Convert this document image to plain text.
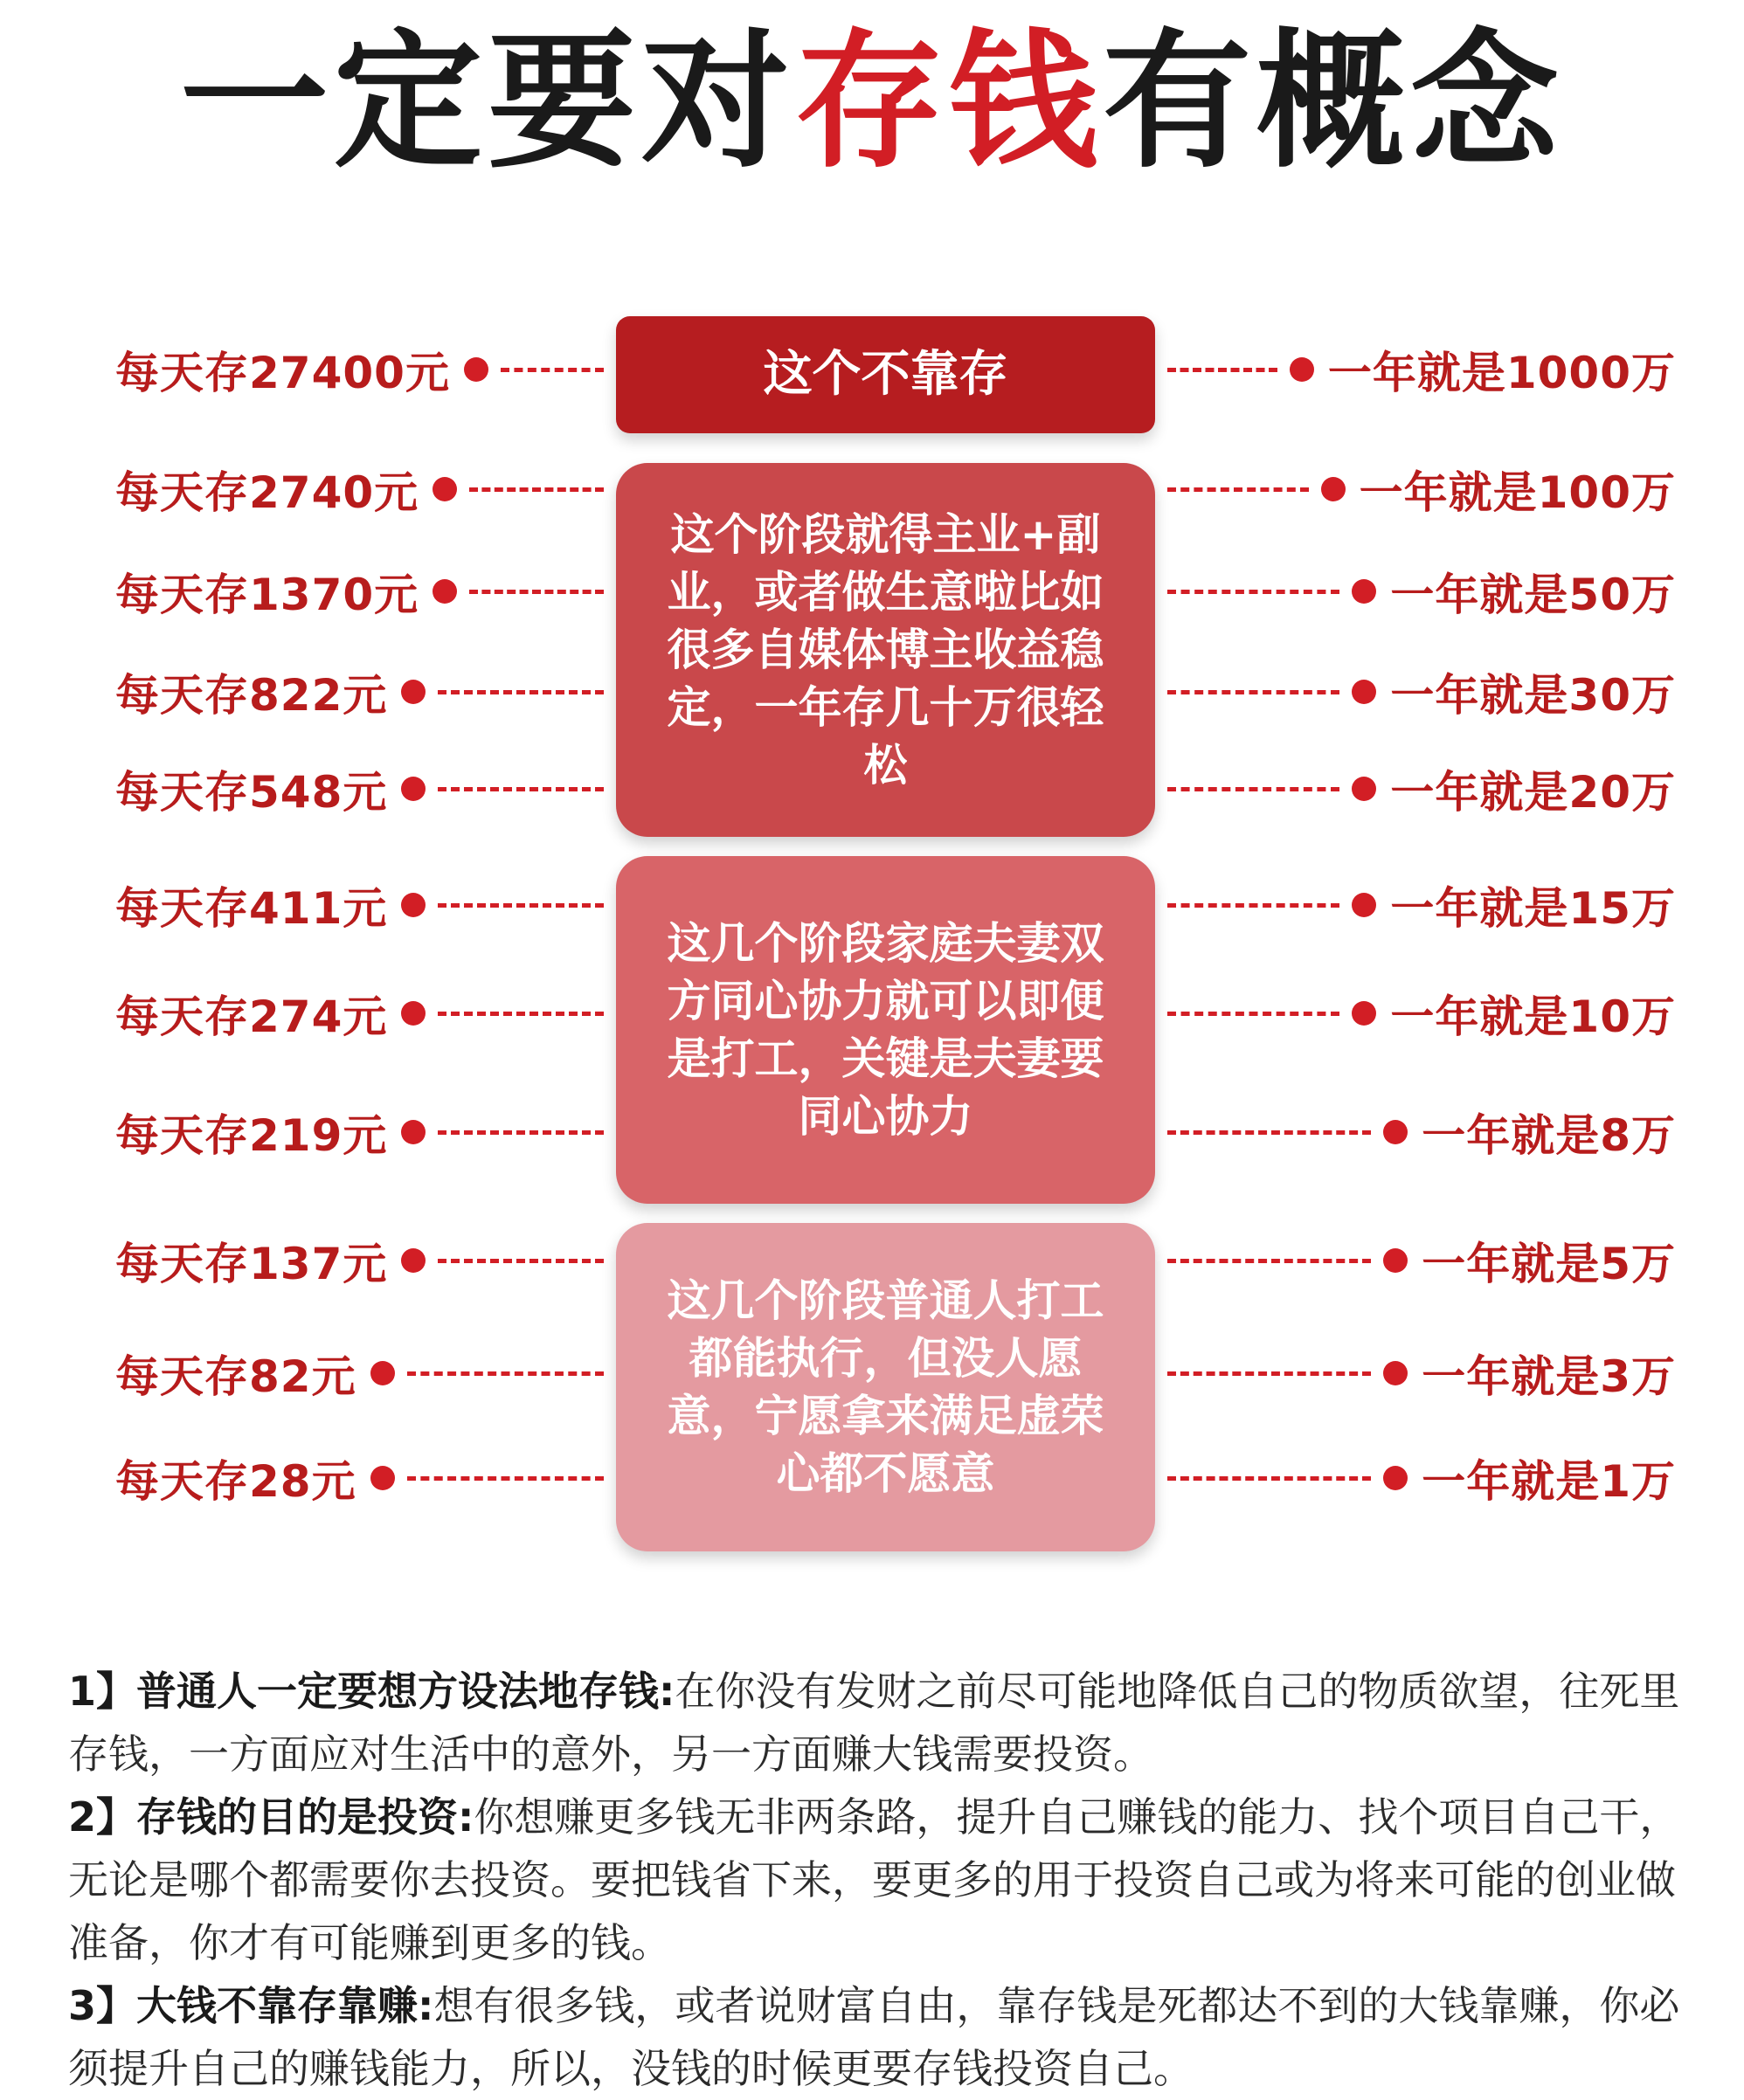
一定要对存钱有概念
每天存27400元
每天存2740元
每天存1370元
每天存822元
每天存548元
每天存411元
每天存274元
每天存219元
每天存137元
每天存82元
每天存28元
这个不靠存
这个阶段就得主业+副业，或者做生意啦比如很多自媒体博主收益稳定，一年存几十万很轻松
这几个阶段家庭夫妻双方同心协力就可以即便是打工，关键是夫妻要同心协力
这几个阶段普通人打工都能执行，但没人愿意，宁愿拿来满足虚荣心都不愿意
一年就是1000万
一年就是100万
一年就是50万
一年就是30万
一年就是20万
一年就是15万
一年就是10万
一年就是8万
一年就是5万
一年就是3万
一年就是1万

1】普通人一定要想方设法地存钱:在你没有发财之前尽可能地降低自己的物质欲望，往死里存钱，一方面应对生活中的意外，另一方面赚大钱需要投资。

2】存钱的目的是投资:你想赚更多钱无非两条路，提升自己赚钱的能力、找个项目自己干，无论是哪个都需要你去投资。要把钱省下来，要更多的用于投资自己或为将来可能的创业做准备，你才有可能赚到更多的钱。

3】大钱不靠存靠赚:想有很多钱，或者说财富自由，靠存钱是死都达不到的大钱靠赚，你必须提升自己的赚钱能力，所以，没钱的时候更要存钱投资自己。
